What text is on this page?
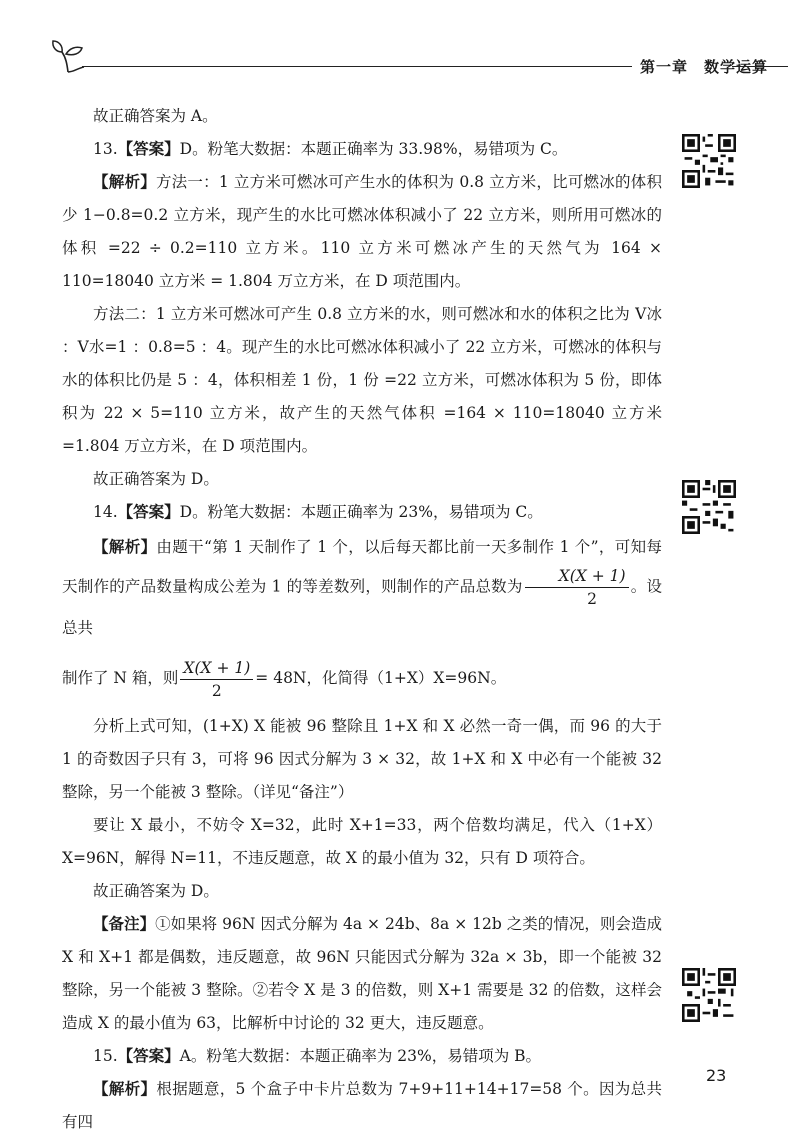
第一章　数学运算

故正确答案为 A。

13.【答案】D。粉笔大数据：本题正确率为 33.98%，易错项为 C。

【解析】方法一：1 立方米可燃冰可产生水的体积为 0.8 立方米，比可燃冰的体积少 1−0.8=0.2 立方米，现产生的水比可燃冰体积减小了 22 立方米，则所用可燃冰的体积 =22 ÷ 0.2=110 立方米。110 立方米可燃冰产生的天然气为 164 × 110=18040 立方米 = 1.804 万立方米，在 D 项范围内。

方法二：1 立方米可燃冰可产生 0.8 立方米的水，则可燃冰和水的体积之比为 V冰 ：V水=1 ：0.8=5 ：4。现产生的水比可燃冰体积减小了 22 立方米，可燃冰的体积与水的体积比仍是 5 ：4，体积相差 1 份，1 份 =22 立方米，可燃冰体积为 5 份，即体积为 22 × 5=110 立方米，故产生的天然气体积 =164 × 110=18040 立方米 =1.804 万立方米，在 D 项范围内。

故正确答案为 D。

14.【答案】D。粉笔大数据：本题正确率为 23%，易错项为 C。

【解析】由题干“第 1 天制作了 1 个，以后每天都比前一天多制作 1 个”，可知每天制作的产品数量构成公差为 1 的等差数列，则制作的产品总数为 $\frac{X(X + 1)}{2}$ 。设总共

制作了 N 箱，则 $\frac{X(X + 1)}{2} = 48N$，化简得（1+X）X=96N。

分析上式可知，(1+X) X 能被 96 整除且 1+X 和 X 必然一奇一偶，而 96 的大于 1 的奇数因子只有 3，可将 96 因式分解为 3 × 32，故 1+X 和 X 中必有一个能被 32 整除，另一个能被 3 整除。（详见“备注”）

要让 X 最小，不妨令 X=32，此时 X+1=33，两个倍数均满足，代入（1+X）X=96N，解得 N=11，不违反题意，故 X 的最小值为 32，只有 D 项符合。

故正确答案为 D。

【备注】①如果将 96N 因式分解为 4a × 24b、8a × 12b 之类的情况，则会造成 X 和 X+1 都是偶数，违反题意，故 96N 只能因式分解为 32a × 3b，即一个能被 32 整除，另一个能被 3 整除。②若令 X 是 3 的倍数，则 X+1 需要是 32 的倍数，这样会造成 X 的最小值为 63，比解析中讨论的 32 更大，违反题意。

15.【答案】A。粉笔大数据：本题正确率为 23%，易错项为 B。

【解析】根据题意，5 个盒子中卡片总数为 7+9+11+14+17=58 个。因为总共有四

23
